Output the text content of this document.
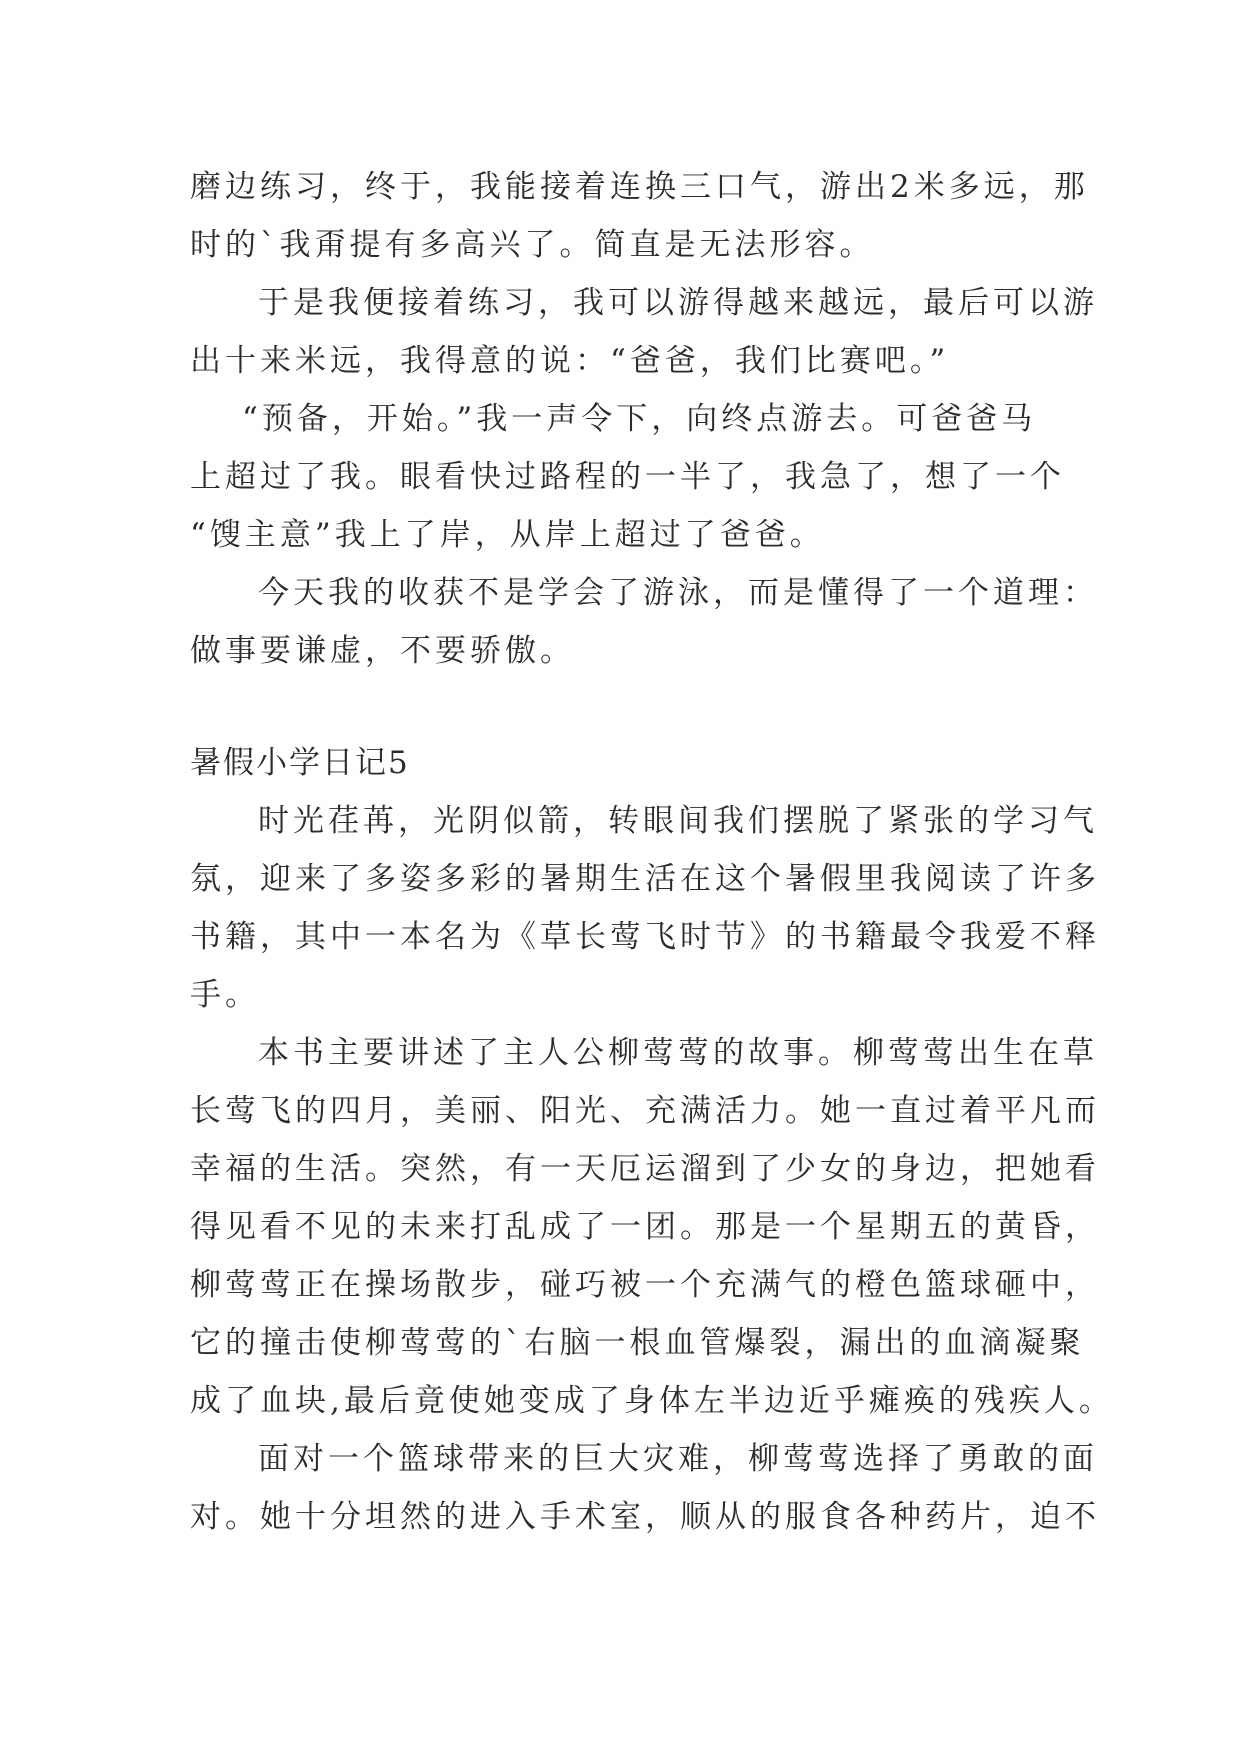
磨边练习，终于，我能接着连换三口气，游出2米多远，那
时的`我甭提有多高兴了。简直是无法形容。

于是我便接着练习，我可以游得越来越远，最后可以游
出十来米远，我得意的说：“爸爸，我们比赛吧。”

“预备，开始。”我一声令下，向终点游去。可爸爸马
上超过了我。眼看快过路程的一半了，我急了，想了一个
“馊主意”我上了岸，从岸上超过了爸爸。

今天我的收获不是学会了游泳，而是懂得了一个道理：
做事要谦虚，不要骄傲。

暑假小学日记5

时光荏苒，光阴似箭，转眼间我们摆脱了紧张的学习气
氛，迎来了多姿多彩的暑期生活在这个暑假里我阅读了许多
书籍，其中一本名为《草长莺飞时节》的书籍最令我爱不释
手。

本书主要讲述了主人公柳莺莺的故事。柳莺莺出生在草
长莺飞的四月，美丽、阳光、充满活力。她一直过着平凡而
幸福的生活。突然，有一天厄运溜到了少女的身边，把她看
得见看不见的未来打乱成了一团。那是一个星期五的黄昏，
柳莺莺正在操场散步，碰巧被一个充满气的橙色篮球砸中，
它的撞击使柳莺莺的`右脑一根血管爆裂，漏出的血滴凝聚
成了血块,最后竟使她变成了身体左半边近乎瘫痪的残疾人。

面对一个篮球带来的巨大灾难，柳莺莺选择了勇敢的面
对。她十分坦然的进入手术室，顺从的服食各种药片，迫不
